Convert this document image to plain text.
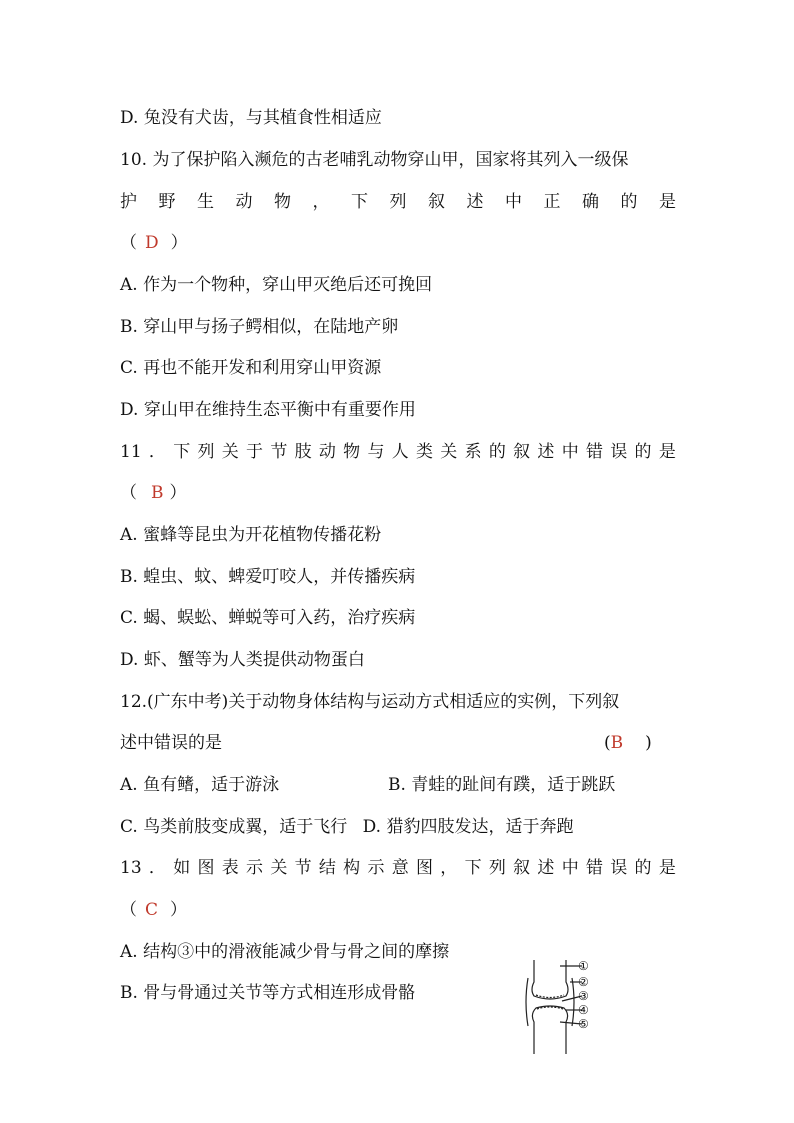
D. 兔没有犬齿，与其植食性相适应
10. 为了保护陷入濒危的古老哺乳动物穿山甲，国家将其列入一级保
护 野 生 动 物 ， 下 列 叙 述 中 正 确 的 是
（ D ）
A. 作为一个物种，穿山甲灭绝后还可挽回
B. 穿山甲与扬子鳄相似，在陆地产卵
C. 再也不能开发和利用穿山甲资源
D. 穿山甲在维持生态平衡中有重要作用
11 ． 下 列 关 于 节 肢 动 物 与 人 类 关 系 的 叙 述 中 错 误 的 是
（ B ）
A. 蜜蜂等昆虫为开花植物传播花粉
B. 蝗虫、蚊、蜱爱叮咬人，并传播疾病
C. 蝎、蜈蚣、蝉蜕等可入药，治疗疾病
D. 虾、蟹等为人类提供动物蛋白
12.(广东中考)关于动物身体结构与运动方式相适应的实例，下列叙
述中错误的是	(B )
A. 鱼有鳍，适于游泳	B. 青蛙的趾间有蹼，适于跳跃
C. 鸟类前肢变成翼，适于飞行 D. 猎豹四肢发达，适于奔跑
13 ． 如 图 表 示 关 节 结 构 示 意 图 ， 下 列 叙 述 中 错 误 的 是
（ C ）
A. 结构③中的滑液能减少骨与骨之间的摩擦
B. 骨与骨通过关节等方式相连形成骨骼
①
②
③
④
⑤
